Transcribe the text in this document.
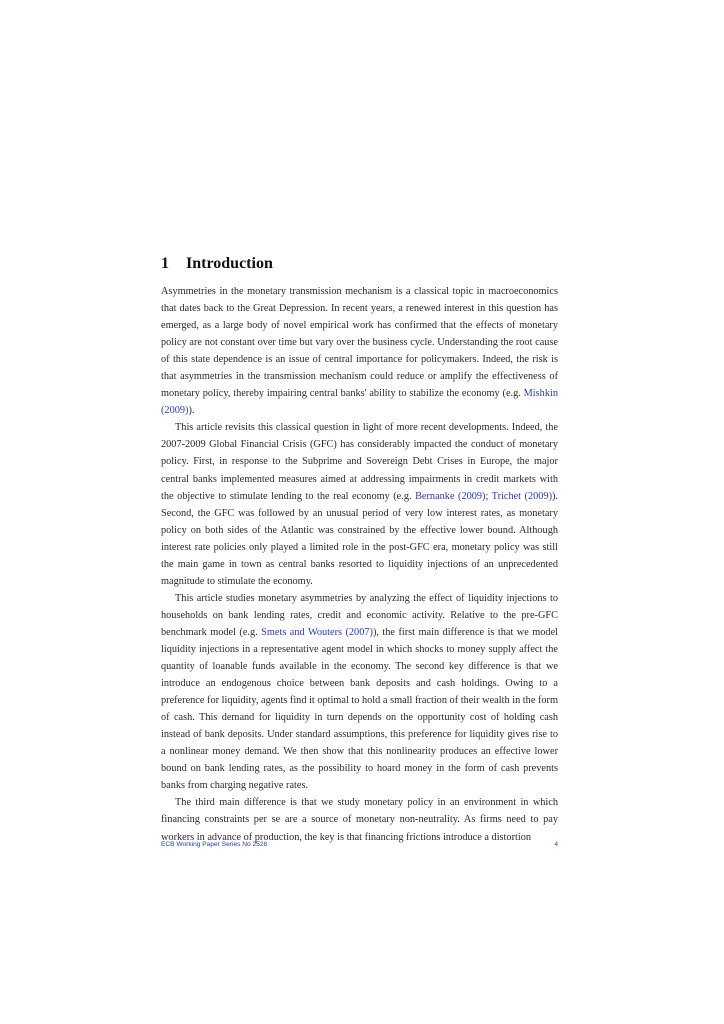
1 Introduction

Asymmetries in the monetary transmission mechanism is a classical topic in macroeconomics that dates back to the Great Depression. In recent years, a renewed interest in this question has emerged, as a large body of novel empirical work has confirmed that the effects of monetary policy are not constant over time but vary over the business cycle. Understanding the root cause of this state dependence is an issue of central importance for policymakers. Indeed, the risk is that asymmetries in the transmission mechanism could reduce or amplify the effectiveness of monetary policy, thereby impairing central banks' ability to stabilize the economy (e.g. Mishkin (2009)).

This article revisits this classical question in light of more recent developments. Indeed, the 2007-2009 Global Financial Crisis (GFC) has considerably impacted the conduct of monetary policy. First, in response to the Subprime and Sovereign Debt Crises in Europe, the major central banks implemented measures aimed at addressing impairments in credit markets with the objective to stimulate lending to the real economy (e.g. Bernanke (2009); Trichet (2009)). Second, the GFC was followed by an unusual period of very low interest rates, as monetary policy on both sides of the Atlantic was constrained by the effective lower bound. Although interest rate policies only played a limited role in the post-GFC era, monetary policy was still the main game in town as central banks resorted to liquidity injections of an unprecedented magnitude to stimulate the economy.

This article studies monetary asymmetries by analyzing the effect of liquidity injections to households on bank lending rates, credit and economic activity. Relative to the pre-GFC benchmark model (e.g. Smets and Wouters (2007)), the first main difference is that we model liquidity injections in a representative agent model in which shocks to money supply affect the quantity of loanable funds available in the economy. The second key difference is that we introduce an endogenous choice between bank deposits and cash holdings. Owing to a preference for liquidity, agents find it optimal to hold a small fraction of their wealth in the form of cash. This demand for liquidity in turn depends on the opportunity cost of holding cash instead of bank deposits. Under standard assumptions, this preference for liquidity gives rise to a nonlinear money demand. We then show that this nonlinearity produces an effective lower bound on bank lending rates, as the possibility to hoard money in the form of cash prevents banks from charging negative rates.

The third main difference is that we study monetary policy in an environment in which financing constraints per se are a source of monetary non-neutrality. As firms need to pay workers in advance of production, the key is that financing frictions introduce a distortion

ECB Working Paper Series No 2528	4
